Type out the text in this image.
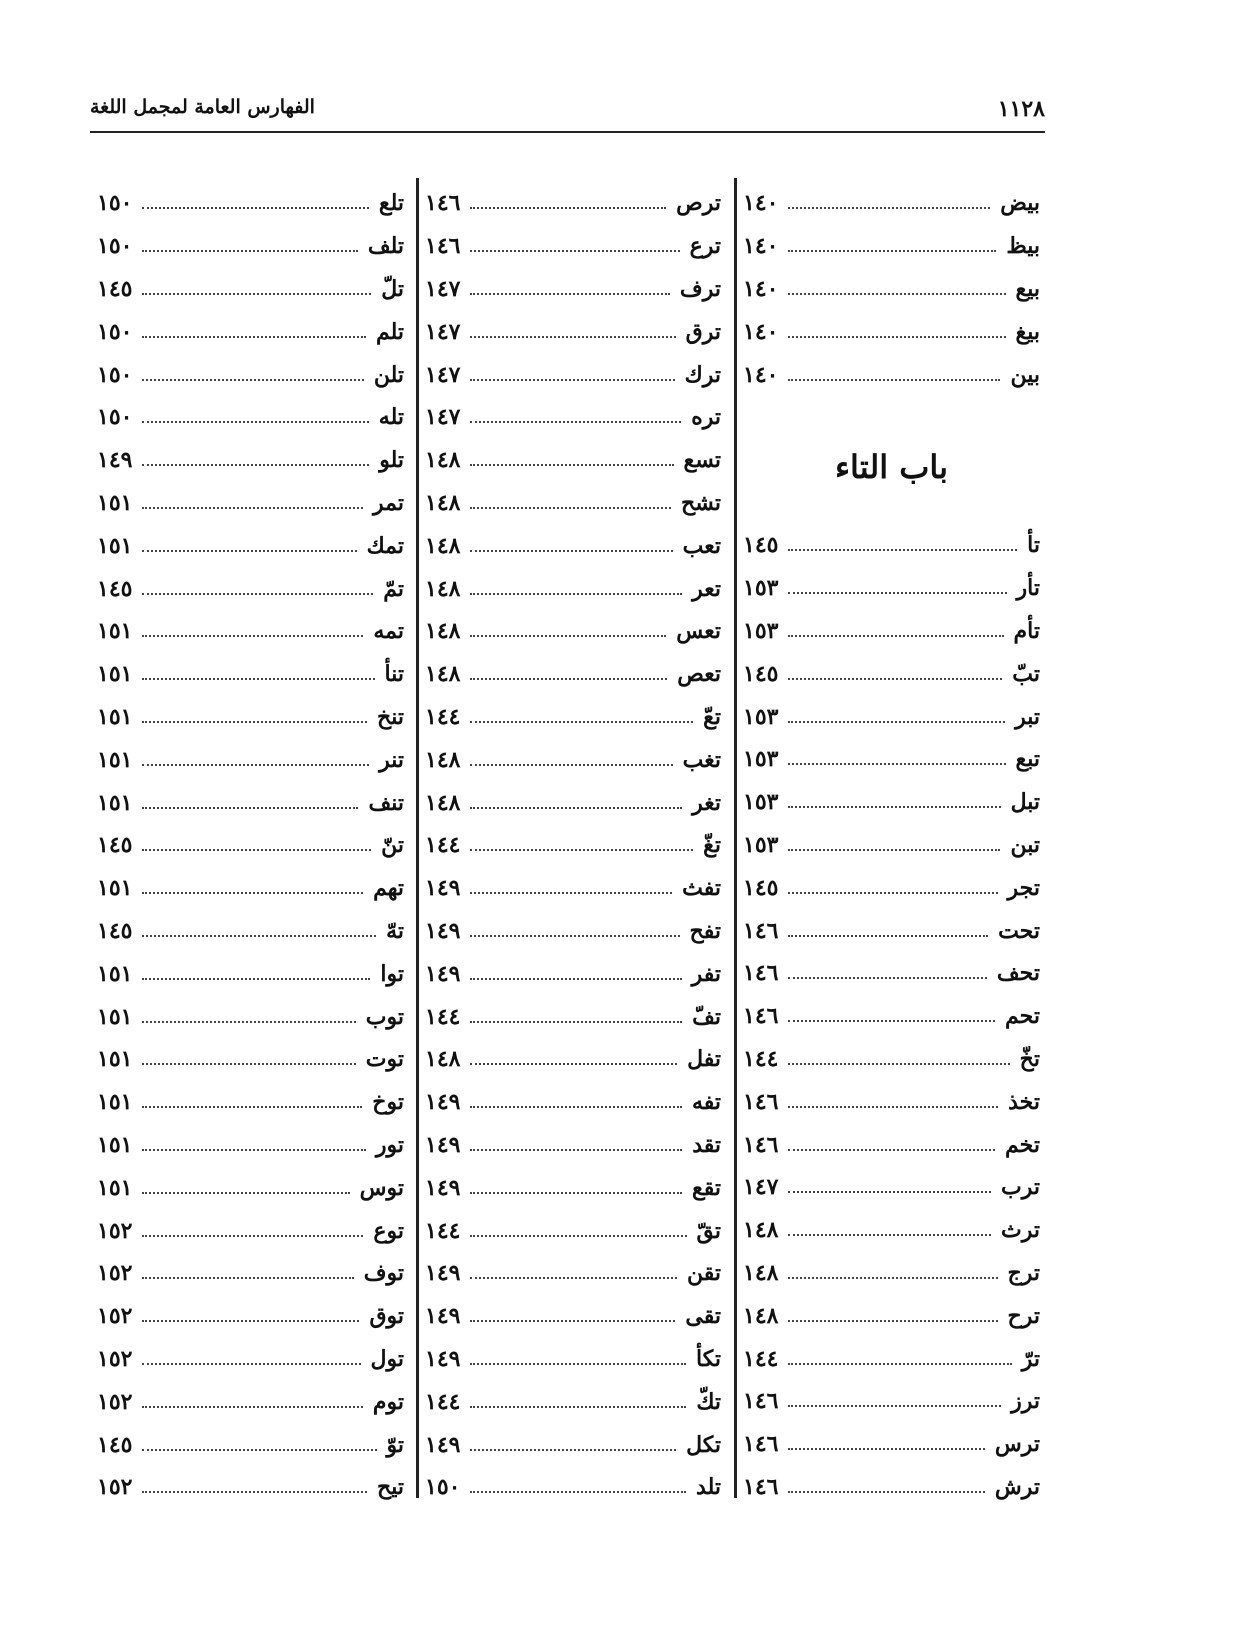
١١٢٨
الفهارس العامة لمجمل اللغة
بيض
١٤٠
بيظ
١٤٠
بيع
١٤٠
بيغ
١٤٠
بين
١٤٠
باب التاء
تأ
١٤٥
تأر
١٥٣
تأم
١٥٣
تبّ
١٤٥
تبر
١٥٣
تبع
١٥٣
تبل
١٥٣
تبن
١٥٣
تجر
١٤٥
تحت
١٤٦
تحف
١٤٦
تحم
١٤٦
تخّ
١٤٤
تخذ
١٤٦
تخم
١٤٦
ترب
١٤٧
ترث
١٤٨
ترج
١٤٨
ترح
١٤٨
ترّ
١٤٤
ترز
١٤٦
ترس
١٤٦
ترش
١٤٦
ترص
١٤٦
ترع
١٤٦
ترف
١٤٧
ترق
١٤٧
ترك
١٤٧
تره
١٤٧
تسع
١٤٨
تشح
١٤٨
تعب
١٤٨
تعر
١٤٨
تعس
١٤٨
تعص
١٤٨
تعّ
١٤٤
تغب
١٤٨
تغر
١٤٨
تغّ
١٤٤
تفث
١٤٩
تفح
١٤٩
تفر
١٤٩
تفّ
١٤٤
تفل
١٤٨
تفه
١٤٩
تقد
١٤٩
تقع
١٤٩
تقّ
١٤٤
تقن
١٤٩
تقى
١٤٩
تكأ
١٤٩
تكّ
١٤٤
تكل
١٤٩
تلد
١٥٠
تلع
١٥٠
تلف
١٥٠
تلّ
١٤٥
تلم
١٥٠
تلن
١٥٠
تله
١٥٠
تلو
١٤٩
تمر
١٥١
تمك
١٥١
تمّ
١٤٥
تمه
١٥١
تنأ
١٥١
تنخ
١٥١
تنر
١٥١
تنف
١٥١
تنّ
١٤٥
تهم
١٥١
تهّ
١٤٥
توا
١٥١
توب
١٥١
توت
١٥١
توخ
١٥١
تور
١٥١
توس
١٥١
توع
١٥٢
توف
١٥٢
توق
١٥٢
تول
١٥٢
توم
١٥٢
توّ
١٤٥
تيح
١٥٢
